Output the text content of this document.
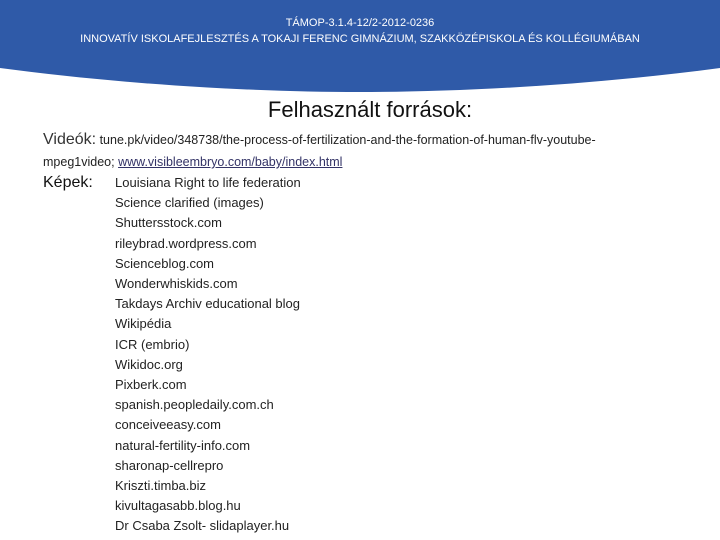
TÁMOP-3.1.4-12/2-2012-0236
INNOVATÍV ISKOLAFEJLESZTÉS A TOKAJI FERENC GIMNÁZIUM, SZAKKÖZÉPISKOLA ÉS KOLLÉGIUMÁBAN
Felhasznált források:
Videók: tune.pk/video/348738/the-process-of-fertilization-and-the-formation-of-human-flv-youtube-
mpeg1video; www.visibleembryo.com/baby/index.html
Képek: Louisiana Right to life federation
Science clarified (images)
Shuttersstock.com
rileybrad.wordpress.com
Scienceblog.com
Wonderwhiskids.com
Takdays Archiv educational blog
Wikipédia
ICR (embrio)
Wikidoc.org
Pixberk.com
spanish.peopledaily.com.ch
conceiveeasy.com
natural-fertility-info.com
sharonap-cellrepro
Kriszti.timba.biz
kivultagasabb.blog.hu
Dr Csaba Zsolt- slidaplayer.hu
